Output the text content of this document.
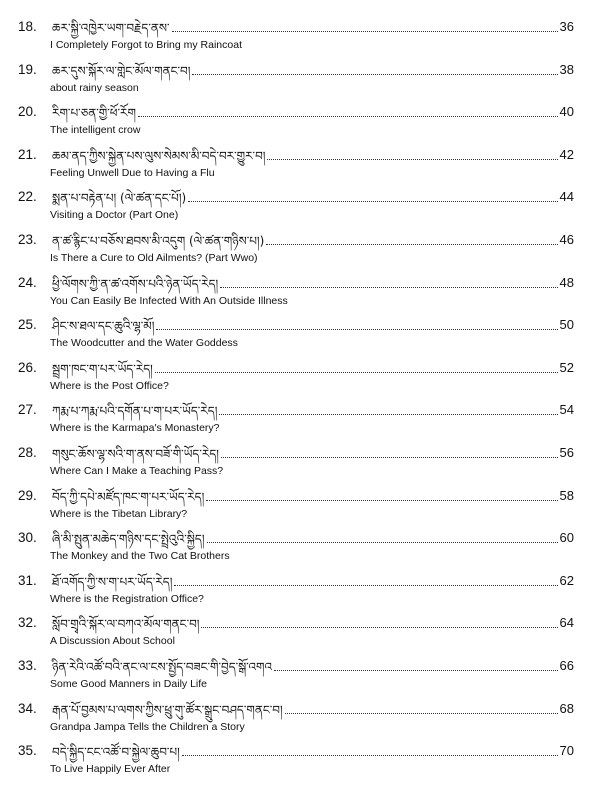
18. ཆར་སྐྱི་འཁྱེར་ཡག་བརྗེད་ནས་	36
I Completely Forgot to Bring my Raincoat
19. ཆར་དུས་སྐོར་ལ་གླེང་མོལ་གནང་བ།	38
about rainy season
20. རིག་པ་ཅན་གྱི་ཕོ་རོག	40
The intelligent crow
21. ཆམ་ནད་ཀྱིས་སྐྱེན་པས་ལུས་སེམས་མི་བདེ་བར་གྱུར་བ།	42
Feeling Unwell Due to Having a Flu
22. སྨན་པ་བརྟེན་པ། (ལེ་ཚན་དང་པོ།)	44
Visiting a Doctor (Part One)
23. ན་ཚ་རྙིང་པ་བཅོས་ཐབས་མི་འདུག (ལེ་ཚན་གཉིས་པ།)	46
Is There a Cure to Old Ailments? (Part Wwo)
24. ཕྱི་ལོགས་ཀྱི་ན་ཚ་འགོས་པའི་ཉེན་ཡོད་རེད།	48
You Can Easily Be Infected With An Outside Illness
25. ཤིང་ས་ཐལ་དང་ཆུའི་ལྷ་མོ།	50
The Woodcutter and the Water Goddess
26. སྦྲག་ཁང་ག་པར་ཡོད་རེད།	52
Where is the Post Office?
27. ཀརྨ་པ་ཀརྨ་པའི་དགོན་པ་ག་པར་ཡོད་རེད།	54
Where is the Karmapa's Monastery?
28. གསུང་ཆོས་ལྷ་སའི་ག་ནས་བཟོ་གི་ཡོད་རེད།	56
Where Can I Make a Teaching Pass?
29. བོད་ཀྱི་དཔེ་མཛོད་ཁང་ག་པར་ཡོད་རེད།	58
Where is the Tibetan Library?
30. ཞི་མི་སྤུན་མཆེད་གཉིས་དང་སྤྲེའུའི་སྐྱིད།	60
The Monkey and the Two Cat Brothers
31. ཐོ་འགོད་ཀྱི་ས་ག་པར་ཡོད་རེད།	62
Where is the Registration Office?
32. སློབ་གྲྭའི་སྐོར་ལ་བཀའ་མོལ་གནང་བ།	64
A Discussion About School
33. ཉིན་རེའི་འཚོ་བའི་ནང་ལ་ངས་སྤྱོད་བཟང་གི་བྱེད་སྒོ་འགའ	66
Some Good Manners in Daily Life
34. རྒན་པོ་བྱམས་པ་ལགས་ཀྱིས་ཕྲུ་གུ་ཚོར་སྒྲུང་བཤད་གནང་བ།	68
Grandpa Jampa Tells the Children a Story
35. བདེ་སྐྱིད་ངང་འཚོ་བ་སྐྱེལ་ཆུབ་པ།	70
To Live Happily Ever After
